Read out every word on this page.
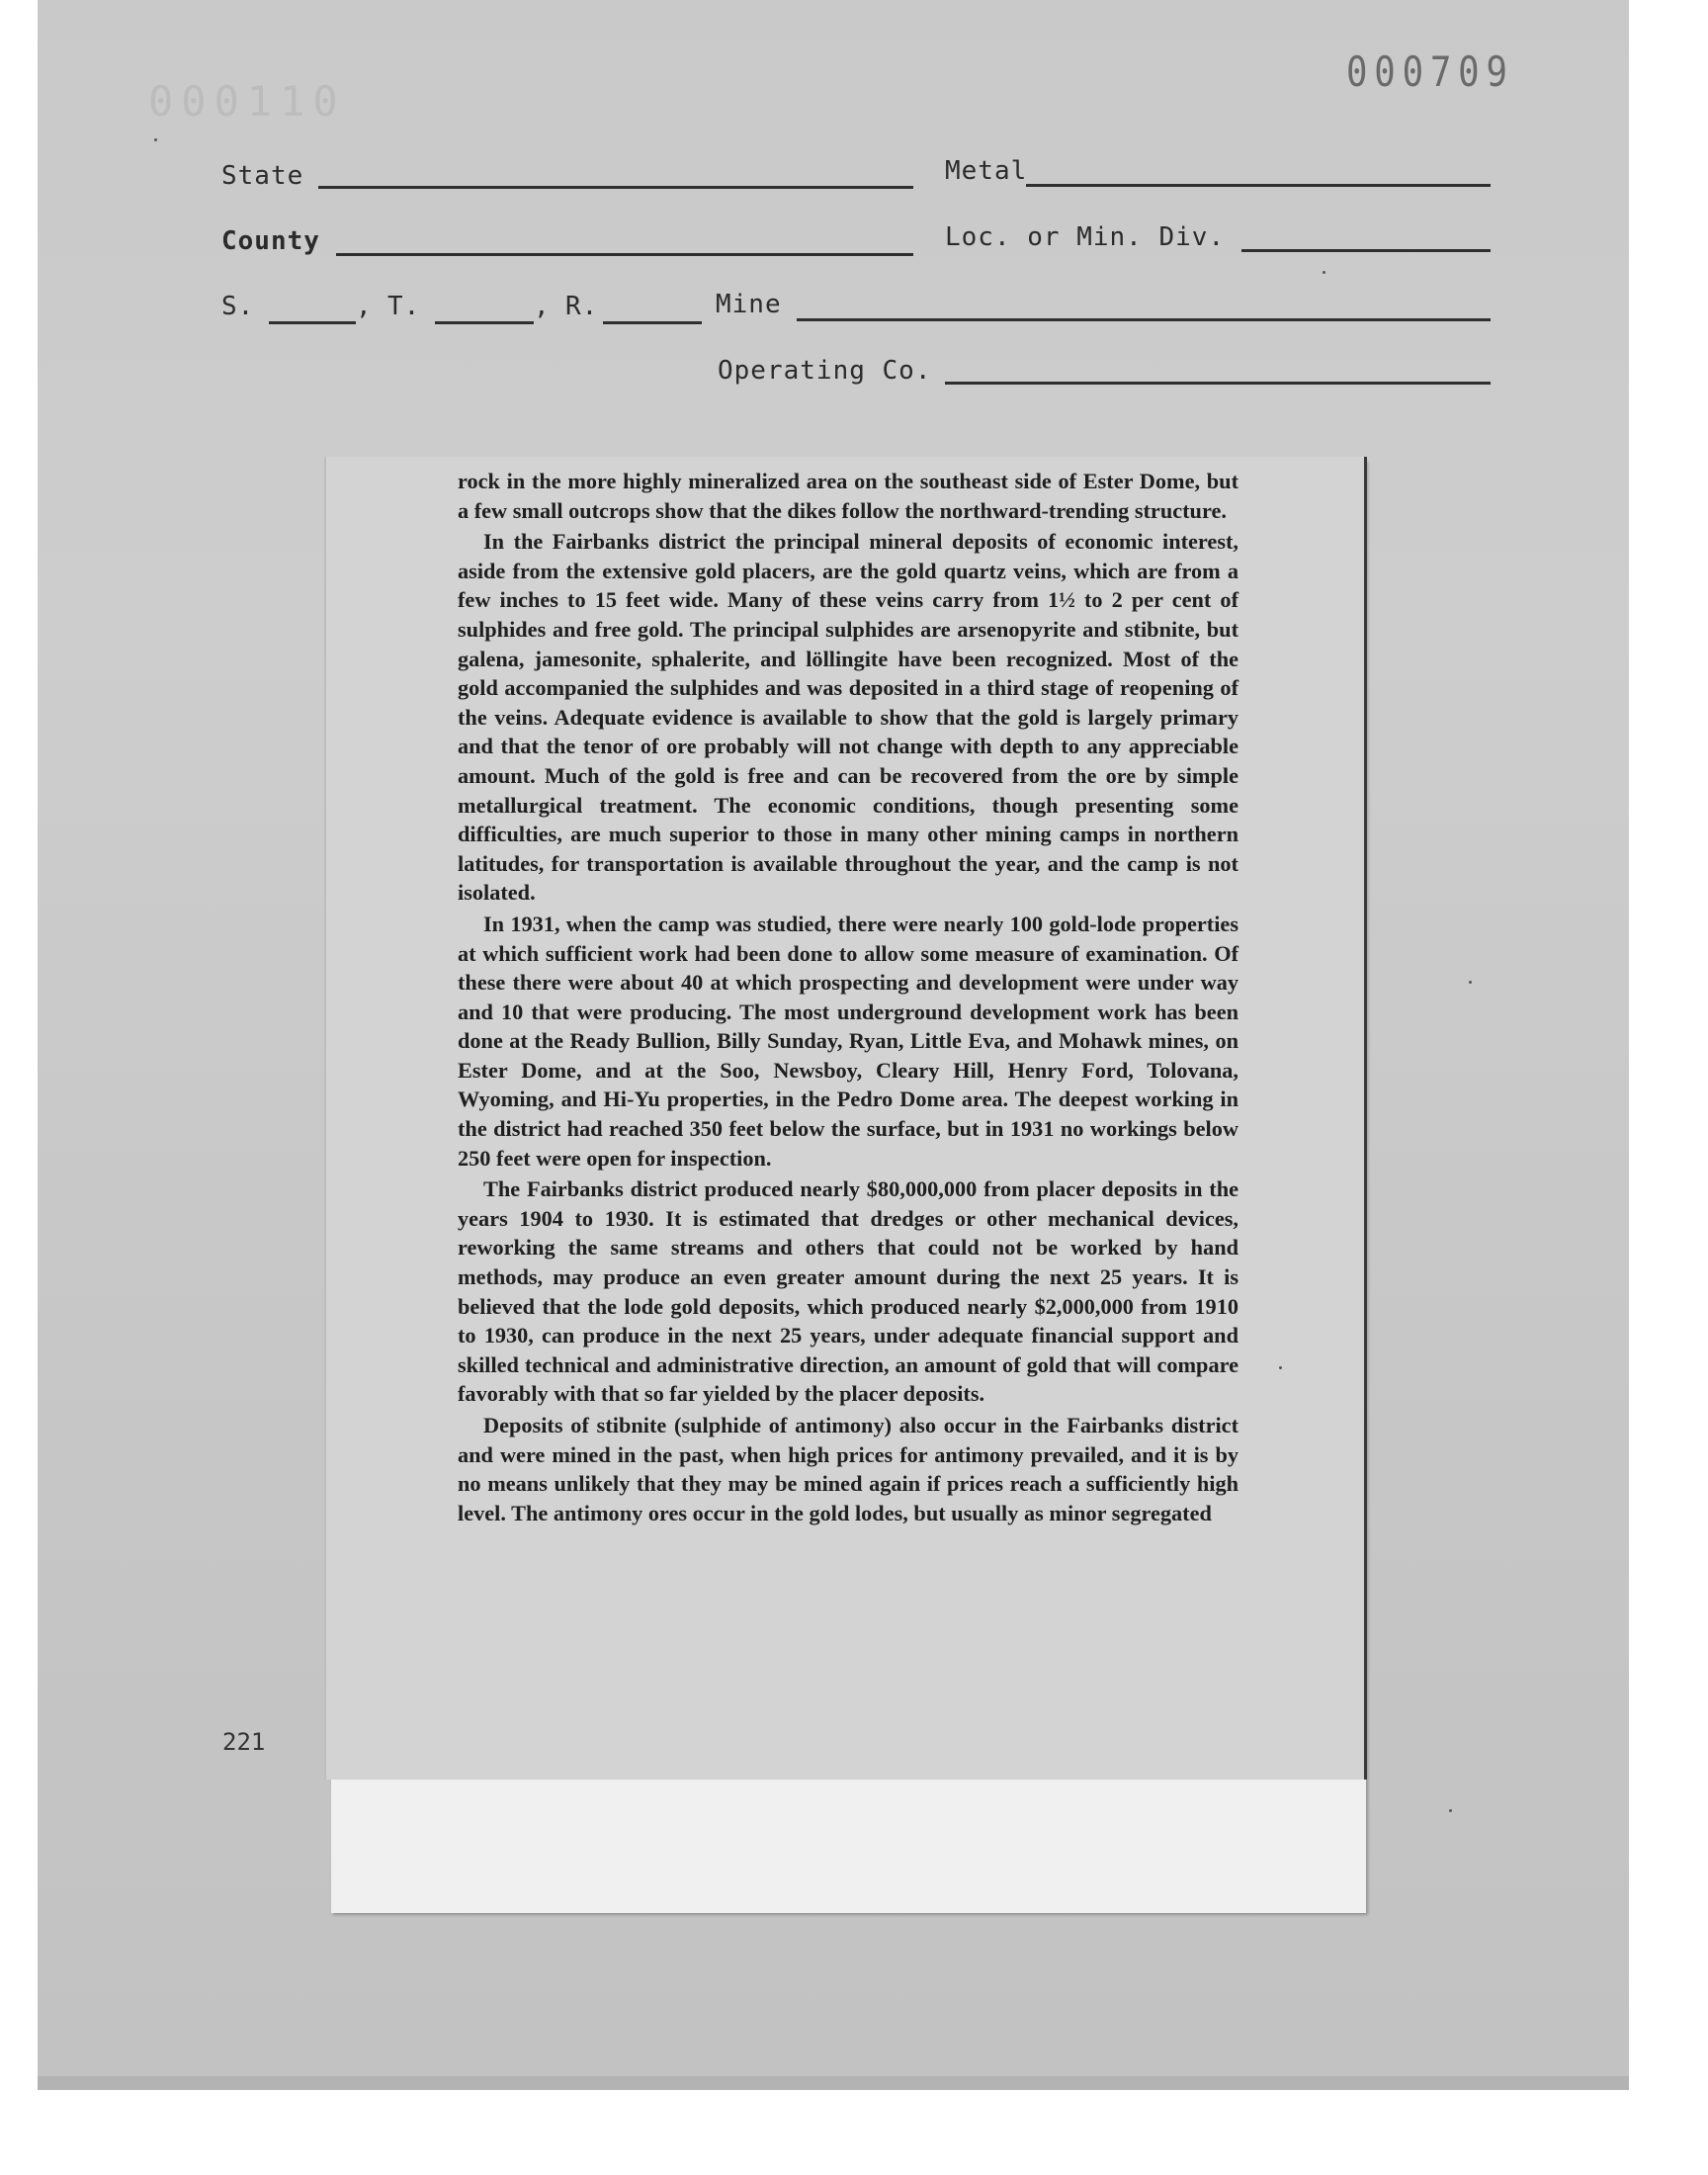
000110
000709
State	Metal
County	Loc. or Min. Div.
S.	, T.	, R.	Mine
Operating Co.

rock in the more highly mineralized area on the southeast side of Ester Dome, but a few small outcrops show that the dikes follow the northward-trending structure.

In the Fairbanks district the principal mineral deposits of economic interest, aside from the extensive gold placers, are the gold quartz veins, which are from a few inches to 15 feet wide. Many of these veins carry from 1½ to 2 per cent of sulphides and free gold. The principal sulphides are arsenopyrite and stibnite, but galena, jamesonite, sphalerite, and löllingite have been recognized. Most of the gold accompanied the sulphides and was deposited in a third stage of reopening of the veins. Adequate evidence is available to show that the gold is largely primary and that the tenor of ore probably will not change with depth to any appreciable amount. Much of the gold is free and can be recovered from the ore by simple metallurgical treatment. The economic conditions, though presenting some difficulties, are much superior to those in many other mining camps in northern latitudes, for transportation is available throughout the year, and the camp is not isolated.

In 1931, when the camp was studied, there were nearly 100 gold-lode properties at which sufficient work had been done to allow some measure of examination. Of these there were about 40 at which prospecting and development were under way and 10 that were producing. The most underground development work has been done at the Ready Bullion, Billy Sunday, Ryan, Little Eva, and Mohawk mines, on Ester Dome, and at the Soo, Newsboy, Cleary Hill, Henry Ford, Tolovana, Wyoming, and Hi-Yu properties, in the Pedro Dome area. The deepest working in the district had reached 350 feet below the surface, but in 1931 no workings below 250 feet were open for inspection.

The Fairbanks district produced nearly $80,000,000 from placer deposits in the years 1904 to 1930. It is estimated that dredges or other mechanical devices, reworking the same streams and others that could not be worked by hand methods, may produce an even greater amount during the next 25 years. It is believed that the lode gold deposits, which produced nearly $2,000,000 from 1910 to 1930, can produce in the next 25 years, under adequate financial support and skilled technical and administrative direction, an amount of gold that will compare favorably with that so far yielded by the placer deposits.

Deposits of stibnite (sulphide of antimony) also occur in the Fairbanks district and were mined in the past, when high prices for antimony prevailed, and it is by no means unlikely that they may be mined again if prices reach a sufficiently high level. The antimony ores occur in the gold lodes, but usually as minor segregated

221
